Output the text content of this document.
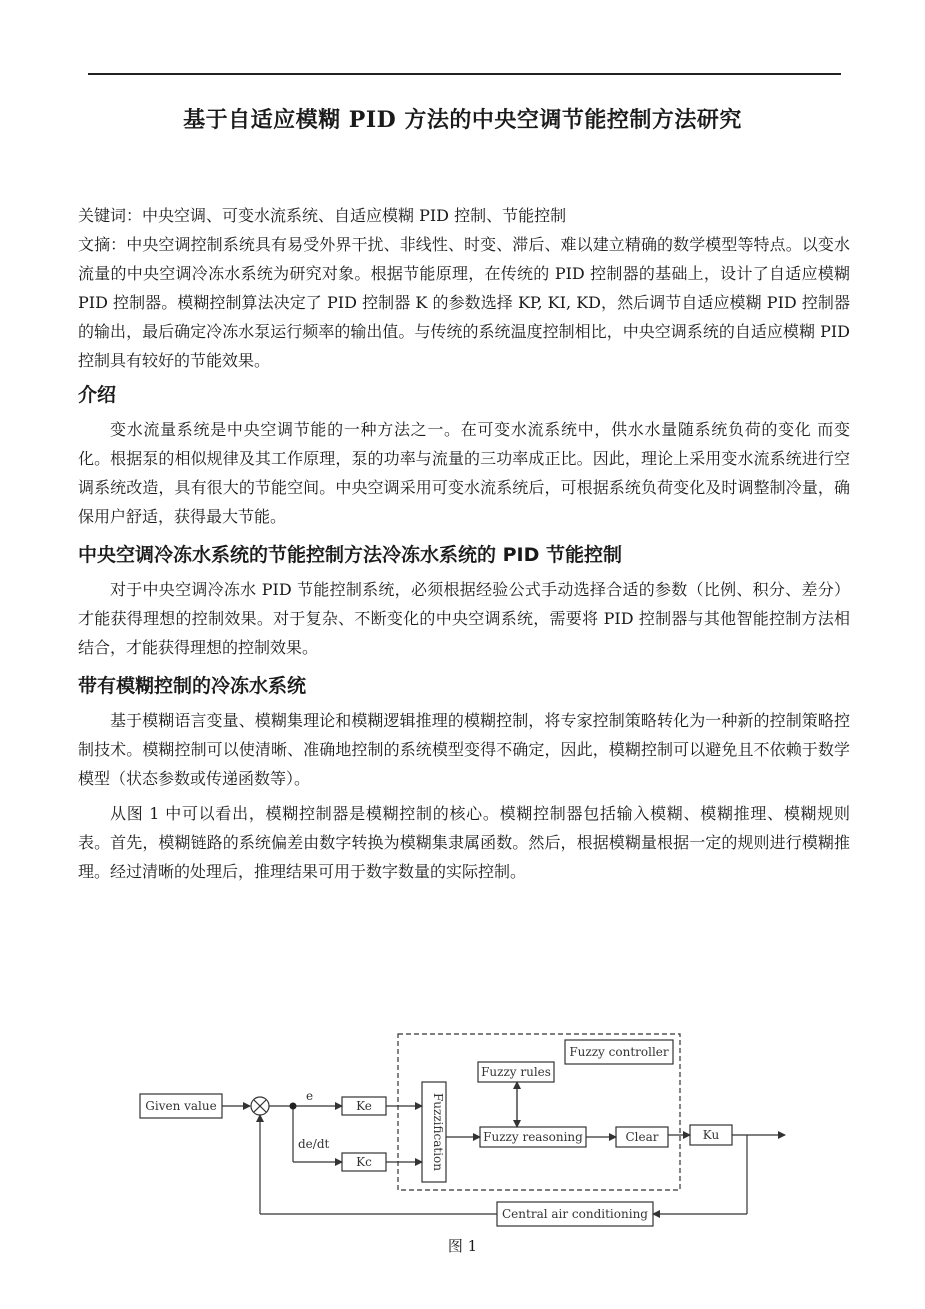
基于自适应模糊 PID 方法的中央空调节能控制方法研究

关键词：中央空调、可变水流系统、自适应模糊 PID 控制、节能控制

文摘：中央空调控制系统具有易受外界干扰、非线性、时变、滞后、难以建立精确的数学模型等特点。以变水流量的中央空调冷冻水系统为研究对象。根据节能原理，在传统的 PID 控制器的基础上，设计了自适应模糊 PID 控制器。模糊控制算法决定了 PID 控制器 K 的参数选择 KP, KI, KD，然后调节自适应模糊 PID 控制器的输出，最后确定冷冻水泵运行频率的输出值。与传统的系统温度控制相比，中央空调系统的自适应模糊 PID 控制具有较好的节能效果。

介绍

变水流量系统是中央空调节能的一种方法之一。在可变水流系统中，供水水量随系统负荷的变化 而变化。根据泵的相似规律及其工作原理，泵的功率与流量的三功率成正比。因此，理论上采用变水流系统进行空调系统改造，具有很大的节能空间。中央空调采用可变水流系统后，可根据系统负荷变化及时调整制冷量，确保用户舒适，获得最大节能。

中央空调冷冻水系统的节能控制方法冷冻水系统的 PID 节能控制

对于中央空调冷冻水 PID 节能控制系统，必须根据经验公式手动选择合适的参数（比例、积分、差分）才能获得理想的控制效果。对于复杂、不断变化的中央空调系统，需要将 PID 控制器与其他智能控制方法相结合，才能获得理想的控制效果。

带有模糊控制的冷冻水系统

基于模糊语言变量、模糊集理论和模糊逻辑推理的模糊控制，将专家控制策略转化为一种新的控制策略控制技术。模糊控制可以使清晰、准确地控制的系统模型变得不确定，因此，模糊控制可以避免且不依赖于数学模型（状态参数或传递函数等）。

从图 1 中可以看出，模糊控制器是模糊控制的核心。模糊控制器包括输入模糊、模糊推理、模糊规则表。首先，模糊链路的系统偏差由数字转换为模糊集隶属函数。然后，根据模糊量根据一定的规则进行模糊推理。经过清晰的处理后，推理结果可用于数字数量的实际控制。

Given value
e
de/dt
Ke
Kc	Fuzzification
Fuzzy rules
Fuzzy controller
Fuzzy reasoning	Clear	Ku
Central air conditioning
图 1
